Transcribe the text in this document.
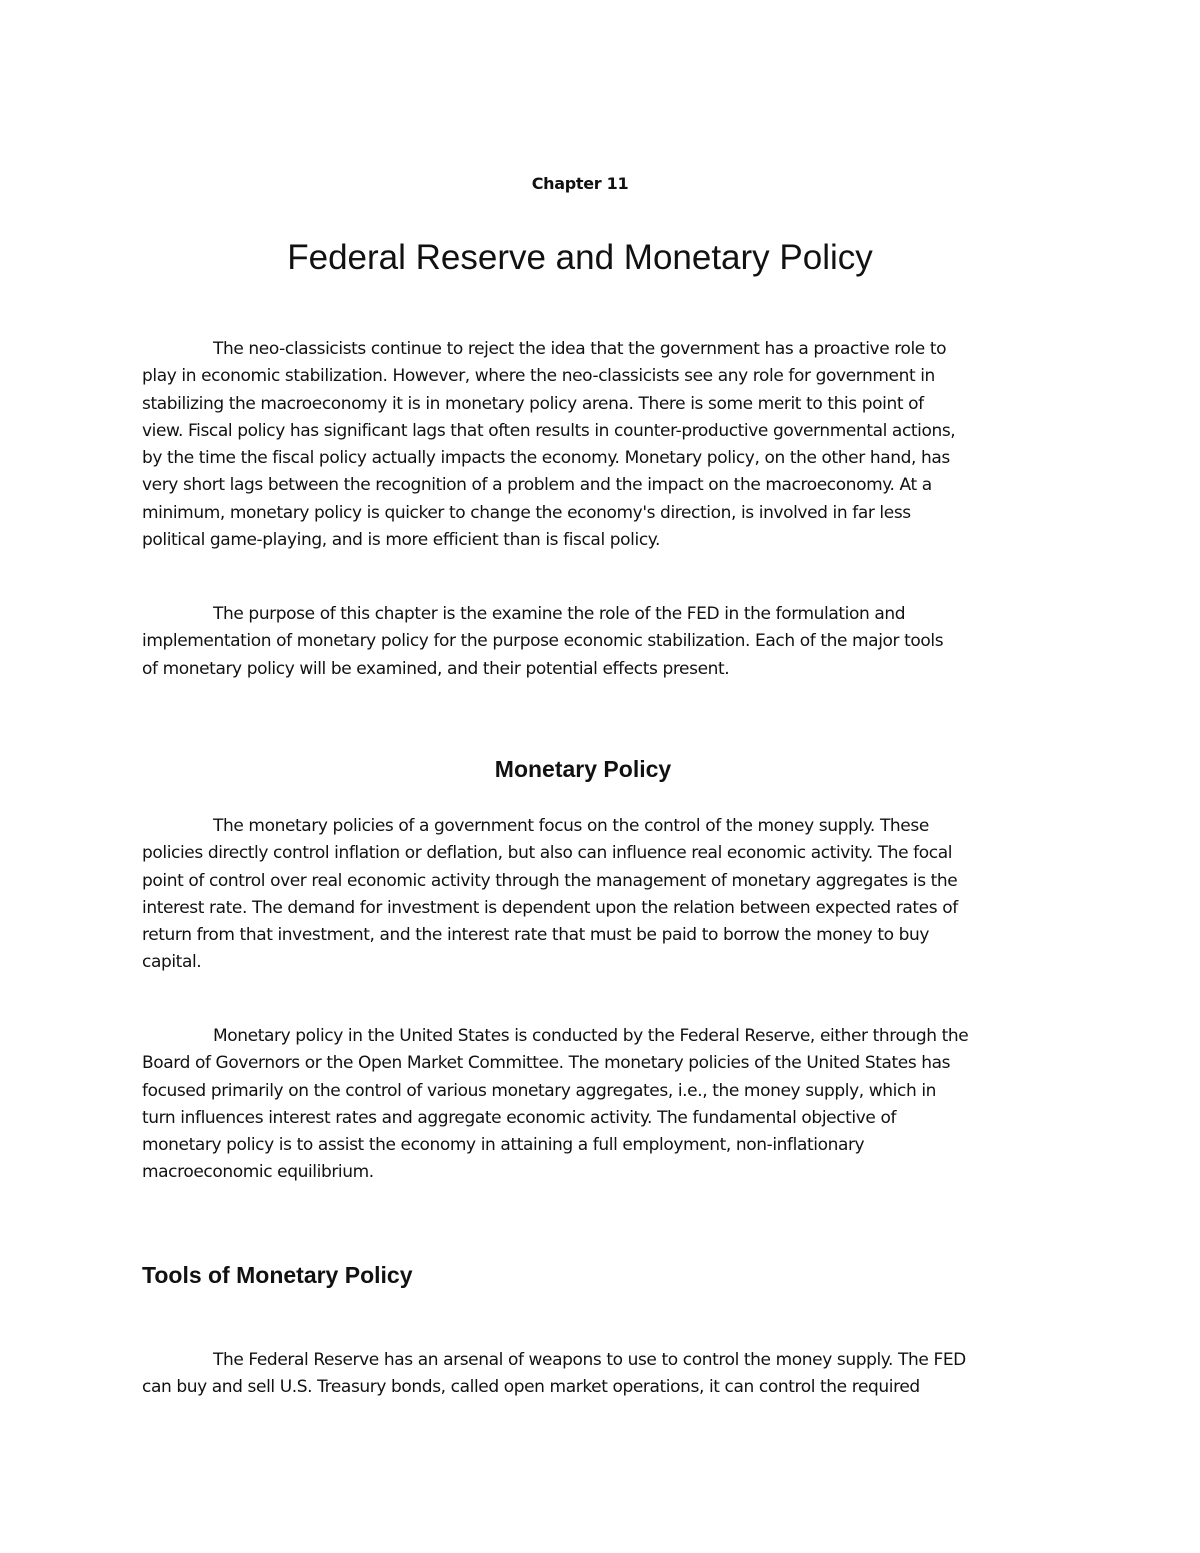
Chapter 11
Federal Reserve and Monetary Policy
The neo-classicists continue to reject the idea that the government has a proactive role to
play in economic stabilization. However, where the neo-classicists see any role for government in
stabilizing the macroeconomy it is in monetary policy arena. There is some merit to this point of
view. Fiscal policy has significant lags that often results in counter-productive governmental actions,
by the time the fiscal policy actually impacts the economy. Monetary policy, on the other hand, has
very short lags between the recognition of a problem and the impact on the macroeconomy. At a
minimum, monetary policy is quicker to change the economy's direction, is involved in far less
political game-playing, and is more efficient than is fiscal policy.
The purpose of this chapter is the examine the role of the FED in the formulation and
implementation of monetary policy for the purpose economic stabilization. Each of the major tools
of monetary policy will be examined, and their potential effects present.
Monetary Policy
The monetary policies of a government focus on the control of the money supply. These
policies directly control inflation or deflation, but also can influence real economic activity. The focal
point of control over real economic activity through the management of monetary aggregates is the
interest rate. The demand for investment is dependent upon the relation between expected rates of
return from that investment, and the interest rate that must be paid to borrow the money to buy
capital.
Monetary policy in the United States is conducted by the Federal Reserve, either through the
Board of Governors or the Open Market Committee. The monetary policies of the United States has
focused primarily on the control of various monetary aggregates, i.e., the money supply, which in
turn influences interest rates and aggregate economic activity. The fundamental objective of
monetary policy is to assist the economy in attaining a full employment, non-inflationary
macroeconomic equilibrium.
Tools of Monetary Policy
The Federal Reserve has an arsenal of weapons to use to control the money supply. The FED
can buy and sell U.S. Treasury bonds, called open market operations, it can control the required
